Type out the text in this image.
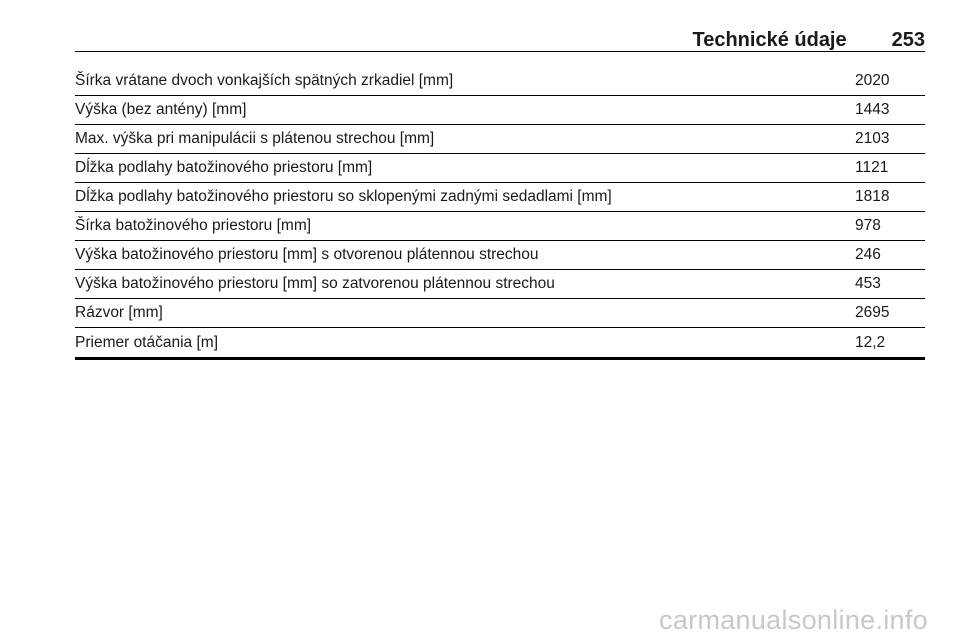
Technické údaje 253
Šírka vrátane dvoch vonkajších spätných zrkadiel [mm]	2020
Výška (bez antény) [mm]	1443
Max. výška pri manipulácii s plátenou strechou [mm]	2103
Dĺžka podlahy batožinového priestoru [mm]	1121
Dĺžka podlahy batožinového priestoru so sklopenými zadnými sedadlami [mm]	1818
Šírka batožinového priestoru [mm]	978
Výška batožinového priestoru [mm] s otvorenou plátennou strechou	246
Výška batožinového priestoru [mm] so zatvorenou plátennou strechou	453
Rázvor [mm]	2695
Priemer otáčania [m]	12,2
carmanualsonline.info
